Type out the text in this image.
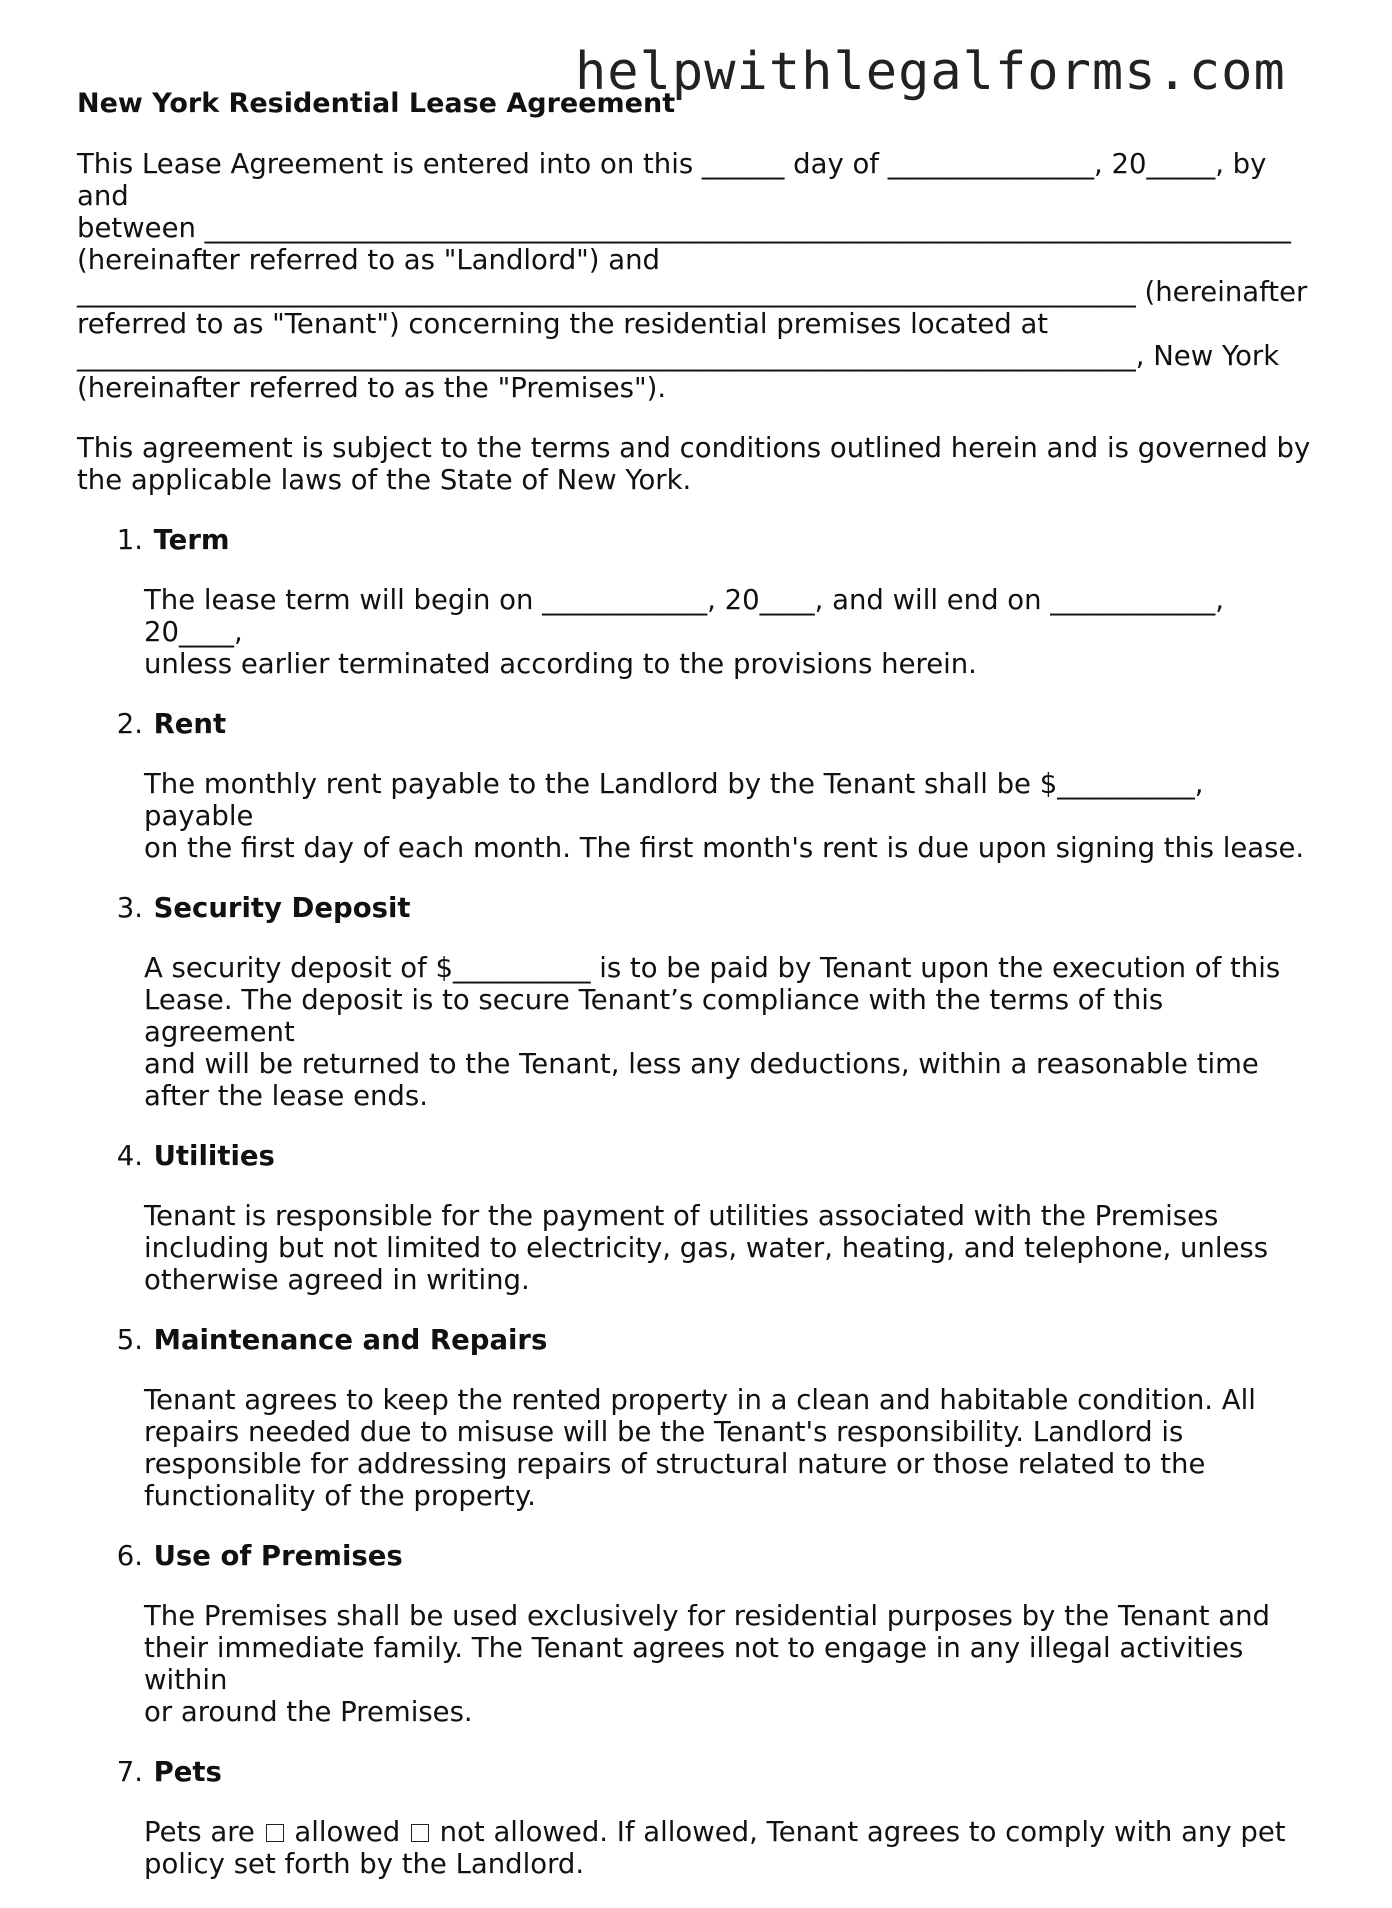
helpwithlegalforms.com
New York Residential Lease Agreement

This Lease Agreement is entered into on this ______ day of _______________, 20_____, by and
between _______________________________________________________________________________
(hereinafter referred to as "Landlord") and
_____________________________________________________________________________ (hereinafter
referred to as "Tenant") concerning the residential premises located at
_____________________________________________________________________________, New York
(hereinafter referred to as the "Premises").

This agreement is subject to the terms and conditions outlined herein and is governed by
the applicable laws of the State of New York.

1.
Term
The lease term will begin on ____________, 20____, and will end on ____________, 20____,
unless earlier terminated according to the provisions herein.
2.
Rent
The monthly rent payable to the Landlord by the Tenant shall be $__________, payable
on the first day of each month. The first month's rent is due upon signing this lease.
3.
Security Deposit
A security deposit of $__________ is to be paid by Tenant upon the execution of this
Lease. The deposit is to secure Tenant’s compliance with the terms of this agreement
and will be returned to the Tenant, less any deductions, within a reasonable time
after the lease ends.
4.
Utilities
Tenant is responsible for the payment of utilities associated with the Premises
including but not limited to electricity, gas, water, heating, and telephone, unless
otherwise agreed in writing.
5.
Maintenance and Repairs
Tenant agrees to keep the rented property in a clean and habitable condition. All
repairs needed due to misuse will be the Tenant's responsibility. Landlord is
responsible for addressing repairs of structural nature or those related to the
functionality of the property.
6.
Use of Premises
The Premises shall be used exclusively for residential purposes by the Tenant and
their immediate family. The Tenant agrees not to engage in any illegal activities within
or around the Premises.
7.
Pets
Pets are  allowed not allowed. If allowed, Tenant agrees to comply with any pet
policy set forth by the Landlord.
